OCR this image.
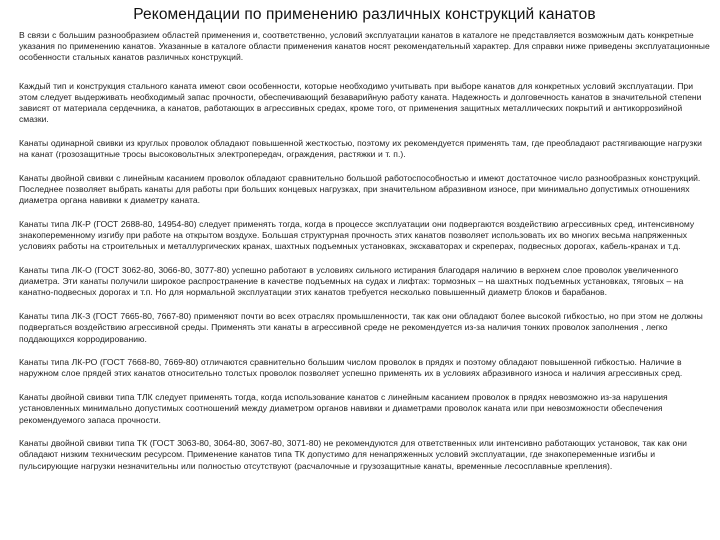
Рекомендации по применению различных конструкций канатов

В связи с большим разнообразием областей применения и, соответственно, условий эксплуатации канатов в каталоге не представляется возможным дать конкретные указания по применению канатов. Указанные в каталоге области применения канатов носят рекомендательный характер. Для справки ниже приведены эксплуатационные особенности стальных канатов различных конструкций.

Каждый тип и конструкция стального каната имеют свои особенности, которые необходимо учитывать при выборе канатов для конкретных условий эксплуатации. При этом следует выдерживать необходимый запас прочности, обеспечивающий безаварийную работу каната. Надежность и долговечность канатов в значительной степени зависят от материала сердечника, а канатов, работающих в агрессивных средах, кроме того, от применения защитных металлических покрытий и антикоррозийной смазки.

Канаты одинарной свивки из круглых проволок обладают повышенной жесткостью, поэтому их рекомендуется применять там, где преобладают растягивающие нагрузки на канат (грозозащитные тросы высоковольтных электропередач, ограждения, растяжки и т. п.).

Канаты двойной свивки с линейным касанием проволок обладают сравнительно большой работоспособностью и имеют достаточное число разнообразных конструкций. Последнее позволяет выбрать канаты для работы при больших концевых нагрузках, при значительном абразивном износе, при минимально допустимых отношениях диаметра органа навивки к диаметру каната.

Канаты типа ЛК-Р (ГОСТ 2688-80, 14954-80) следует применять тогда, когда в процессе эксплуатации они подвергаются воздействию агрессивных сред, интенсивному знакопеременному изгибу при работе на открытом воздухе. Большая структурная прочность этих канатов позволяет использовать их во многих весьма напряженных условиях работы на строительных и металлургических кранах, шахтных подъемных установках, экскаваторах и скреперах, подвесных дорогах, кабель-кранах и т.д.

Канаты типа ЛК-О (ГОСТ 3062-80, 3066-80, 3077-80) успешно работают в условиях сильного истирания благодаря наличию в верхнем слое проволок увеличенного диаметра. Эти канаты получили широкое распространение в качестве подъемных на судах и лифтах: тормозных – на шахтных подъемных установках, тяговых – на канатно-подвесных дорогах и т.п. Но для нормальной эксплуатации этих канатов требуется несколько повышенный диаметр блоков и барабанов.

Канаты типа ЛК-З (ГОСТ 7665-80, 7667-80) применяют почти во всех отраслях промышленности, так как они обладают более высокой гибкостью, но при этом не должны подвергаться воздействию агрессивной среды. Применять эти канаты в агрессивной среде не рекомендуется из-за наличия тонких проволок заполнения , легко поддающихся корродированию.

Канаты типа ЛК-РО (ГОСТ 7668-80, 7669-80) отличаются сравнительно большим числом проволок в прядях и поэтому обладают повышенной гибкостью. Наличие в наружном слое прядей этих канатов относительно толстых проволок позволяет успешно применять их в условиях абразивного износа и наличия агрессивных сред.

Канаты двойной свивки типа ТЛК следует применять тогда, когда использование канатов с линейным касанием проволок в прядях невозможно из-за нарушения установленных минимально допустимых соотношений между диаметром органов навивки и диаметрами проволок каната или при невозможности обеспечения рекомендуемого запаса прочности.

Канаты двойной свивки типа ТК (ГОСТ 3063-80, 3064-80, 3067-80, 3071-80) не рекомендуются для ответственных или интенсивно работающих установок, так как они обладают низким техническим ресурсом. Применение канатов типа ТК допустимо для ненапряженных условий эксплуатации, где знакопеременные изгибы и пульсирующие нагрузки незначительны или полностью отсутствуют (расчалочные и грузозащитные канаты, временные лесосплавные крепления).
